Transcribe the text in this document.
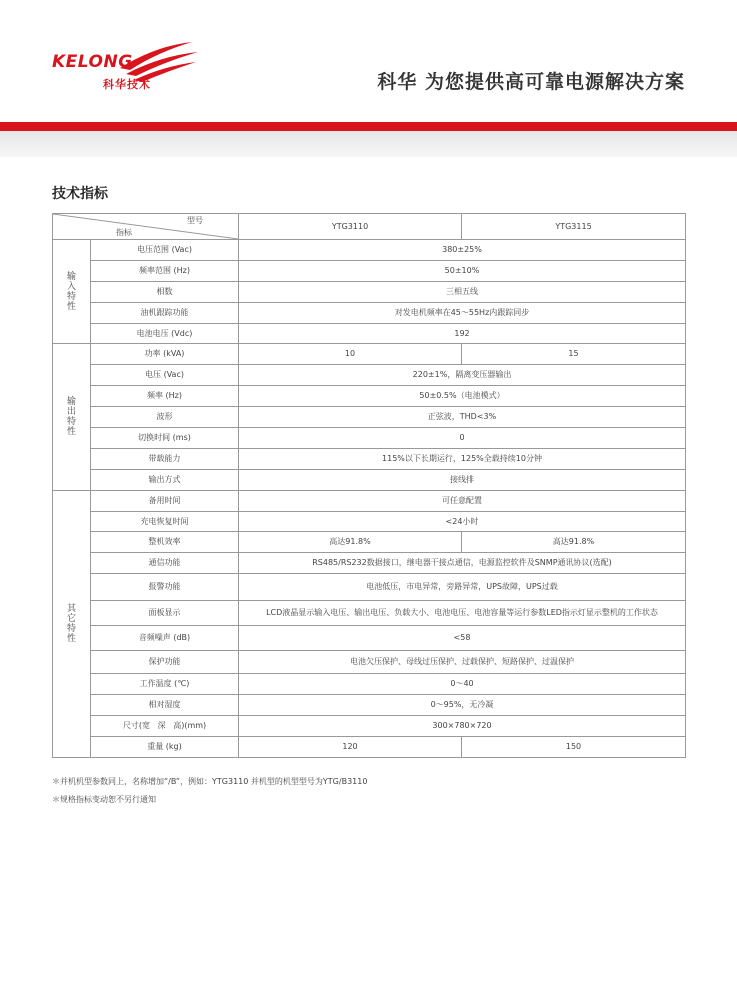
KELONG
科华技术	科华 为您提供高可靠电源解决方案
技术指标
型号
指标		YTG3110	YTG3115
输入特性	电压范围 (Vac)	380±25%	
	频率范围 (Hz)	50±10%	
	相数	三相五线	
	油机跟踪功能	对发电机频率在45～55Hz内跟踪同步	
	电池电压 (Vdc)	192	
输出特性	功率 (kVA)	10	15
	电压 (Vac)	220±1%，隔离变压器输出	
	频率 (Hz)	50±0.5%（电池模式）	
	波形	正弦波，THD<3%	
	切换时间 (ms)	0	
	带载能力	115%以下长期运行，125%全载持续10分钟	
	输出方式	接线排	
其它特性	备用时间	可任意配置	
	充电恢复时间	<24小时	
	整机效率	高达91.8%	高达91.8%
	通信功能	RS485/RS232数据接口，继电器干接点通信，电源监控软件及SNMP通讯协议(选配)	
	报警功能	电池低压，市电异常，旁路异常，UPS故障，UPS过载	
	面板显示	LCD液晶显示输入电压、输出电压、负载大小、电池电压、电池容量等运行参数LED指示灯显示整机的工作状态	
	音频噪声 (dB)	<58	
	保护功能	电池欠压保护、母线过压保护、过载保护、短路保护、过温保护	
	工作温度 (℃)	0～40	
	相对湿度	0～95%，无冷凝	
	尺寸(宽   深   高)(mm)	300×780×720	
	重量 (kg)	120	150
＊并机机型参数同上，名称增加“/B”，例如：YTG3110 并机型的机型型号为YTG/B3110
＊规格指标变动恕不另行通知
